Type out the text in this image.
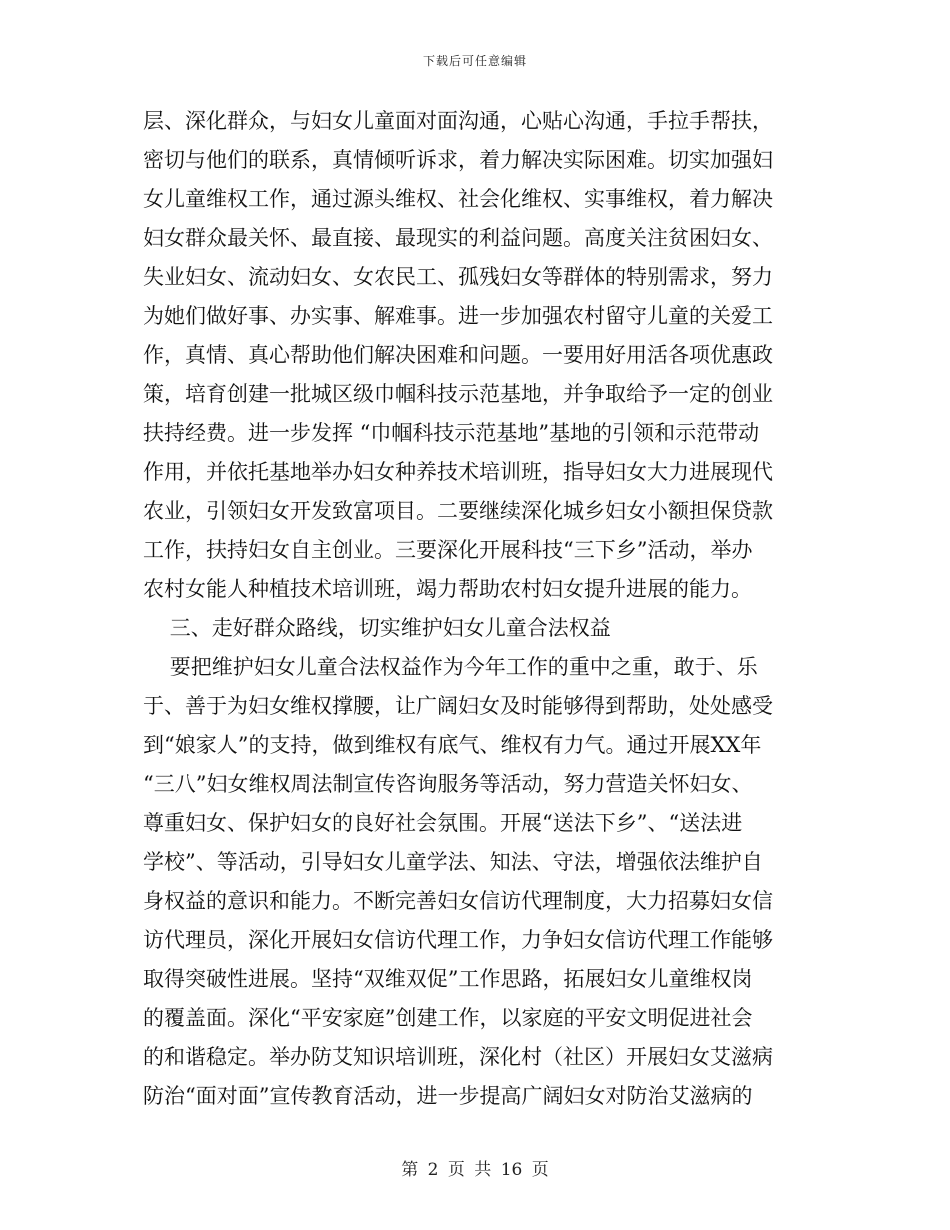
下载后可任意编辑
层、深化群众，与妇女儿童面对面沟通，心贴心沟通，手拉手帮扶，
密切与他们的联系，真情倾听诉求，着力解决实际困难。切实加强妇
女儿童维权工作，通过源头维权、社会化维权、实事维权，着力解决
妇女群众最关怀、最直接、最现实的利益问题。高度关注贫困妇女、
失业妇女、流动妇女、女农民工、孤残妇女等群体的特别需求，努力
为她们做好事、办实事、解难事。进一步加强农村留守儿童的关爱工
作，真情、真心帮助他们解决困难和问题。一要用好用活各项优惠政
策，培育创建一批城区级巾帼科技示范基地，并争取给予一定的创业
扶持经费。进一步发挥 “巾帼科技示范基地”基地的引领和示范带动
作用，并依托基地举办妇女种养技术培训班，指导妇女大力进展现代
农业，引领妇女开发致富项目。二要继续深化城乡妇女小额担保贷款
工作，扶持妇女自主创业。三要深化开展科技“三下乡”活动，举办
农村女能人种植技术培训班，竭力帮助农村妇女提升进展的能力。
三、走好群众路线，切实维护妇女儿童合法权益
要把维护妇女儿童合法权益作为今年工作的重中之重，敢于、乐
于、善于为妇女维权撑腰，让广阔妇女及时能够得到帮助，处处感受
到“娘家人”的支持，做到维权有底气、维权有力气。通过开展XX年
“三八”妇女维权周法制宣传咨询服务等活动，努力营造关怀妇女、
尊重妇女、保护妇女的良好社会氛围。开展“送法下乡”、“送法进
学校”、等活动，引导妇女儿童学法、知法、守法，增强依法维护自
身权益的意识和能力。不断完善妇女信访代理制度，大力招募妇女信
访代理员，深化开展妇女信访代理工作，力争妇女信访代理工作能够
取得突破性进展。坚持“双维双促”工作思路，拓展妇女儿童维权岗
的覆盖面。深化“平安家庭”创建工作，以家庭的平安文明促进社会
的和谐稳定。举办防艾知识培训班，深化村（社区）开展妇女艾滋病
防治“面对面”宣传教育活动，进一步提高广阔妇女对防治艾滋病的
第 2 页 共 16 页
